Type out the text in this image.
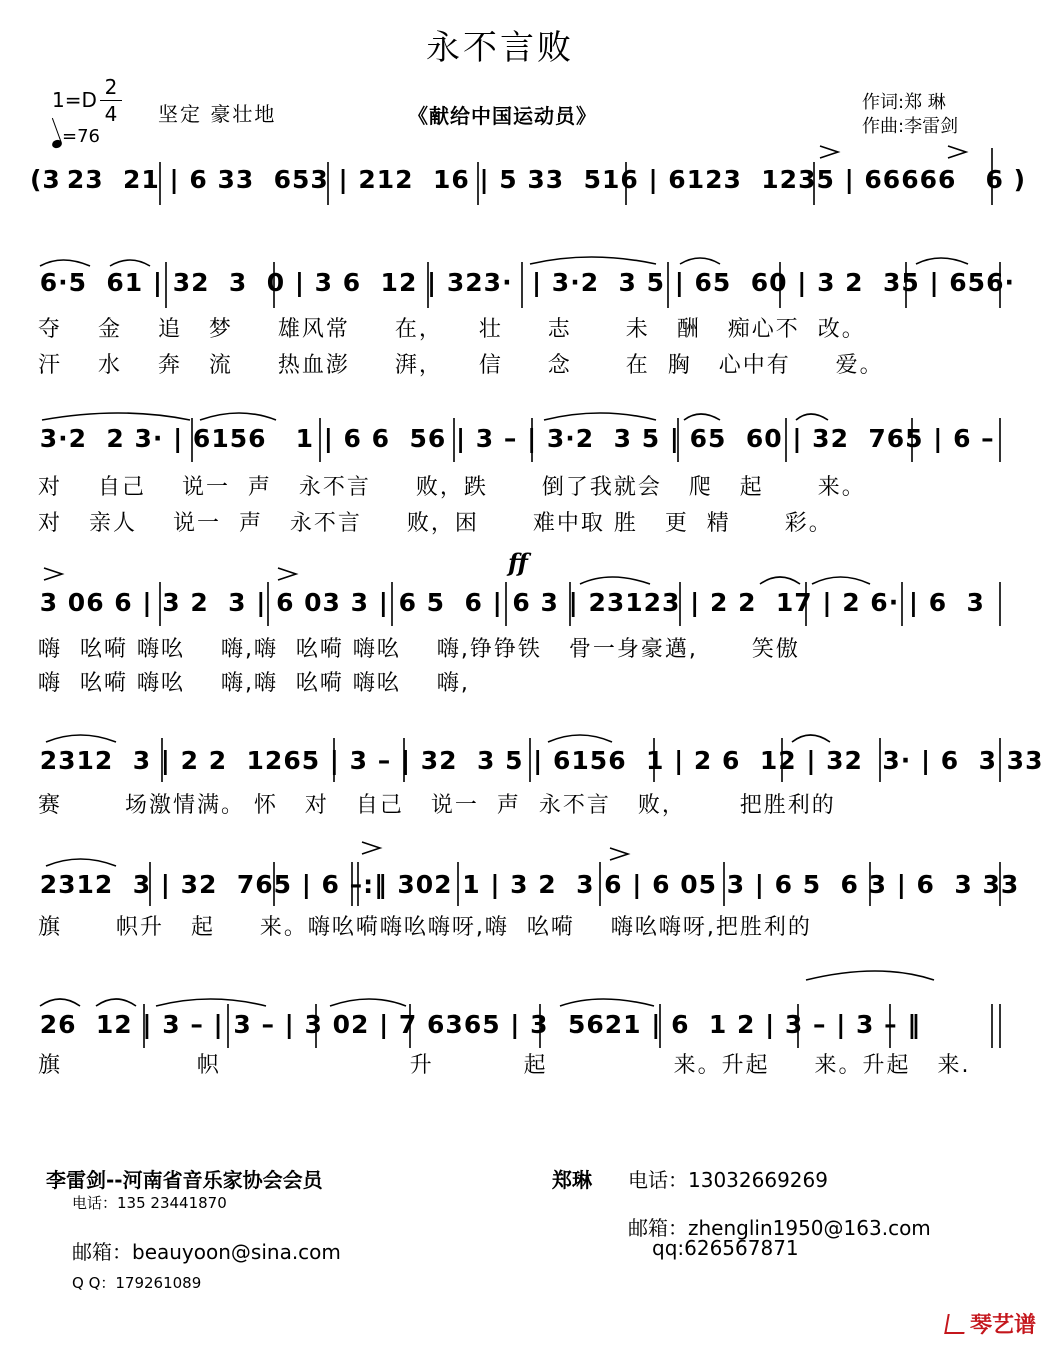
永不言败
1=D
2
4
=76
坚定 豪壮地	《献给中国运动员》
作词:郑 琳
作曲:李雷剑
(3 23  21 | 6 33  653 | 212  16 | 5 33  516 | 6123  1235 | 66666   6 )
6·5  61 | 32  3  0 | 3 6  12 | 323·  | 3·2  3 5 | 65  60 | 3 2  35 | 656·
夺    金    追   梦     雄风常     在，    壮     志      未   酬   痴心不  改。
汗    水    奔   流     热血澎     湃，    信     念      在  胸   心中有     爱。
3·2  2 3· | 6156   1 | 6 6  56 | 3 – | 3·2  3 5 | 65  60 | 32  765 | 6 –
对    自己    说一  声   永不言     败，跌      倒了我就会   爬   起      来。
对   亲人    说一  声   永不言     败，困      难中取 胜   更  精      彩。
ff
3 06 6 | 3 2  3 | 6 03 3 | 6 5  6 | 6 3 | 23123 | 2 2  17 | 2 6· | 6  3
嗨  吆嗬 嗨吆    嗨,嗨  吆嗬 嗨吆    嗨,铮铮铁   骨一身豪邁,      笑傲
嗨  吆嗬 嗨吆    嗨,嗨  吆嗬 嗨吆    嗨,
2312  3 | 2 2  1265 | 3 – | 32  3 5 | 6156  1 | 2 6  12 | 32  3· | 6  3 33
赛       场激情满。 怀   对   自己   说一  声  永不言   败，      把胜利的
2312  3 | 32  765 | 6 –:‖ 302 1 | 3 2  3 6 | 6 05 3 | 6 5  6 3 | 6  3 33
旗      帜升   起     来。嗨吆嗬嗨吆嗨呀,嗨  吆嗬    嗨吆嗨呀,把胜利的
26  12 | 3 – | 3 – | 3 02 | 7 6365 | 3  5621 | 6  1 2 | 3 – | 3 – ‖
旗               帜                     升          起              来。升起     来。升起   来.
李雷剑--河南省音乐家协会会员
电话：135 23441870
邮箱：beauyoon@sina.com
Q Q：179261089
郑琳 电话：13032669269
邮箱：zhenglin1950@163.com
qq:626567871
琴艺谱
